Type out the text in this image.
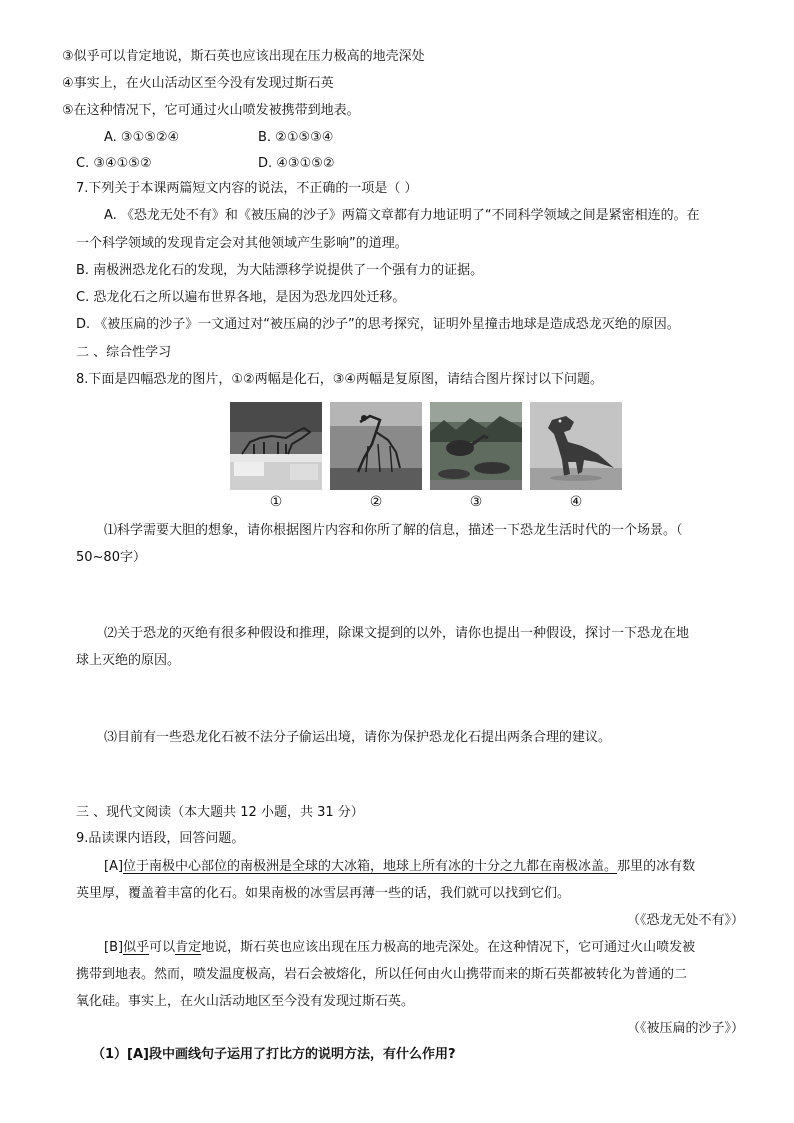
③似乎可以肯定地说，斯石英也应该出现在压力极高的地壳深处
④事实上，在火山活动区至今没有发现过斯石英
⑤在这种情况下，它可通过火山喷发被携带到地表。
A. ③①⑤②④	B. ②①⑤③④
C. ③④①⑤②	D. ④③①⑤②
7.下列关于本课两篇短文内容的说法，不正确的一项是（ ）
A. 《恐龙无处不有》和《被压扁的沙子》两篇文章都有力地证明了“不同科学领域之间是紧密相连的。在
一个科学领域的发现肯定会对其他领域产生影响”的道理。
B. 南极洲恐龙化石的发现，为大陆漂移学说提供了一个强有力的证据。
C. 恐龙化石之所以遍布世界各地，是因为恐龙四处迁移。
D. 《被压扁的沙子》一文通过对“被压扁的沙子”的思考探究，证明外星撞击地球是造成恐龙灭绝的原因。
二 、综合性学习
8.下面是四幅恐龙的图片，①②两幅是化石，③④两幅是复原图，请结合图片探讨以下问题。
①	②	③	④
⑴科学需要大胆的想象，请你根据图片内容和你所了解的信息，描述一下恐龙生活时代的一个场景。（
50~80字）
⑵关于恐龙的灭绝有很多种假设和推理，除课文提到的以外，请你也提出一种假设，探讨一下恐龙在地
球上灭绝的原因。
⑶目前有一些恐龙化石被不法分子偷运出境，请你为保护恐龙化石提出两条合理的建议。
三 、现代文阅读（本大题共 12 小题，共 31 分）
9.品读课内语段，回答问题。
[A]位于南极中心部位的南极洲是全球的大冰箱，地球上所有冰的十分之九都在南极冰盖。那里的冰有数
英里厚，覆盖着丰富的化石。如果南极的冰雪层再薄一些的话，我们就可以找到它们。
（《恐龙无处不有》）
[B]似乎可以肯定地说，斯石英也应该出现在压力极高的地壳深处。在这种情况下，它可通过火山喷发被
携带到地表。然而，喷发温度极高，岩石会被熔化，所以任何由火山携带而来的斯石英都被转化为普通的二
氧化硅。事实上，在火山活动地区至今没有发现过斯石英。
（《被压扁的沙子》）
（1）[A]段中画线句子运用了打比方的说明方法，有什么作用?
